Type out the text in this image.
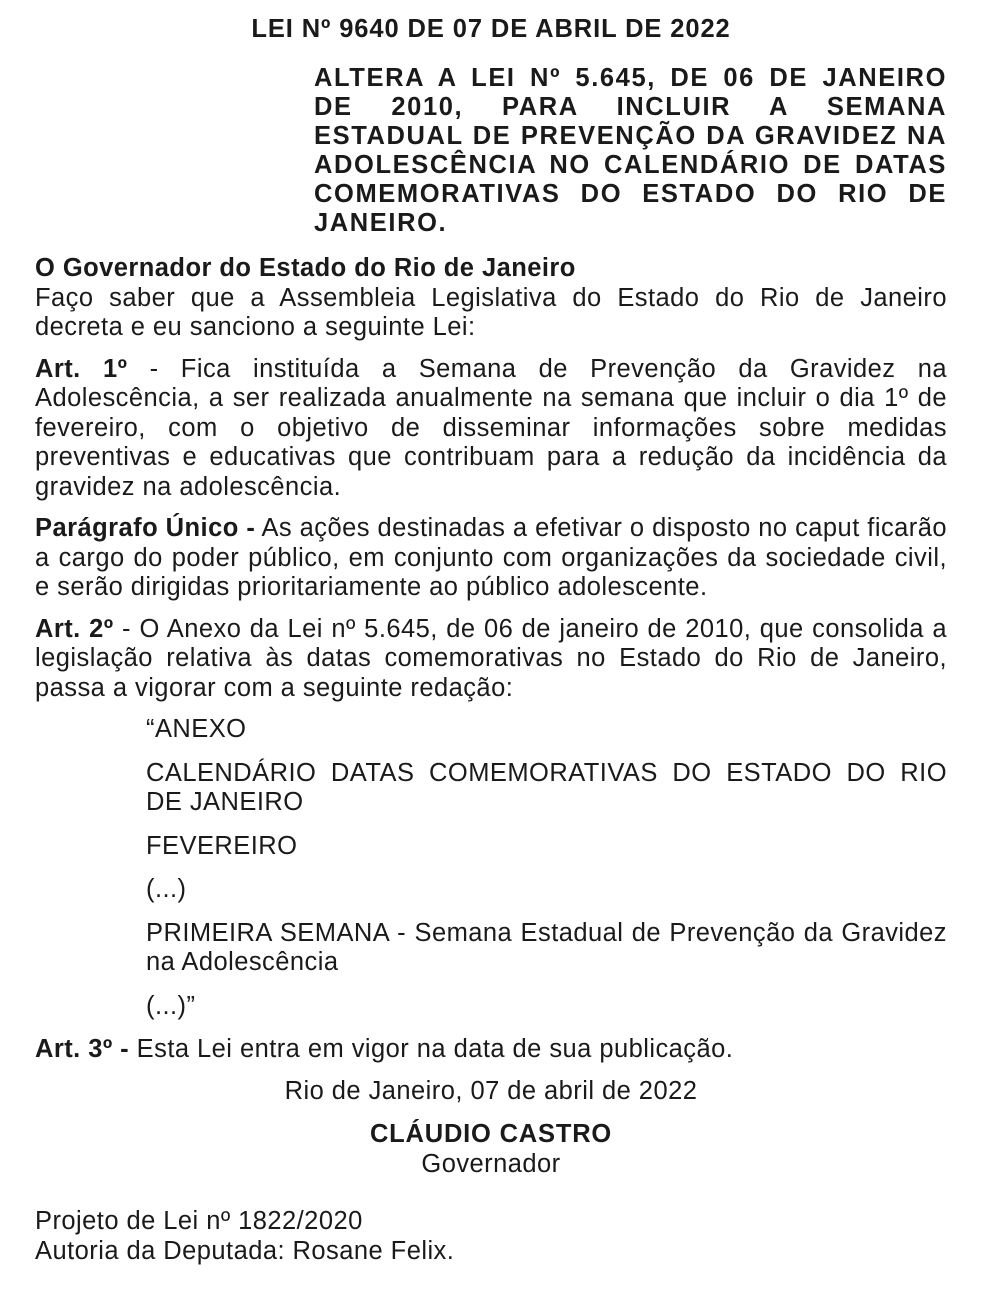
LEI Nº 9640 DE 07 DE ABRIL DE 2022
ALTERA A LEI Nº 5.645, DE 06 DE JANEIRO DE 2010, PARA INCLUIR A SEMANA ESTADUAL DE PREVENÇÃO DA GRAVIDEZ NA ADOLESCÊNCIA NO CALENDÁRIO DE DATAS COMEMORATIVAS DO ESTADO DO RIO DE JANEIRO.
O Governador do Estado do Rio de Janeiro
Faço saber que a Assembleia Legislativa do Estado do Rio de Janeiro decreta e eu sanciono a seguinte Lei:
Art. 1º - Fica instituída a Semana de Prevenção da Gravidez na Adolescência, a ser realizada anualmente na semana que incluir o dia 1º de fevereiro, com o objetivo de disseminar informações sobre medidas preventivas e educativas que contribuam para a redução da incidência da gravidez na adolescência.
Parágrafo Único - As ações destinadas a efetivar o disposto no caput ficarão a cargo do poder público, em conjunto com organizações da sociedade civil, e serão dirigidas prioritariamente ao público adolescente.
Art. 2º - O Anexo da Lei nº 5.645, de 06 de janeiro de 2010, que consolida a legislação relativa às datas comemorativas no Estado do Rio de Janeiro, passa a vigorar com a seguinte redação:
“ANEXO
CALENDÁRIO DATAS COMEMORATIVAS DO ESTADO DO RIO DE JANEIRO
FEVEREIRO
(...)
PRIMEIRA SEMANA - Semana Estadual de Prevenção da Gravidez na Adolescência
(...)”
Art. 3º - Esta Lei entra em vigor na data de sua publicação.
Rio de Janeiro, 07 de abril de 2022
CLÁUDIO CASTRO
Governador
Projeto de Lei nº 1822/2020
Autoria da Deputada: Rosane Felix.
